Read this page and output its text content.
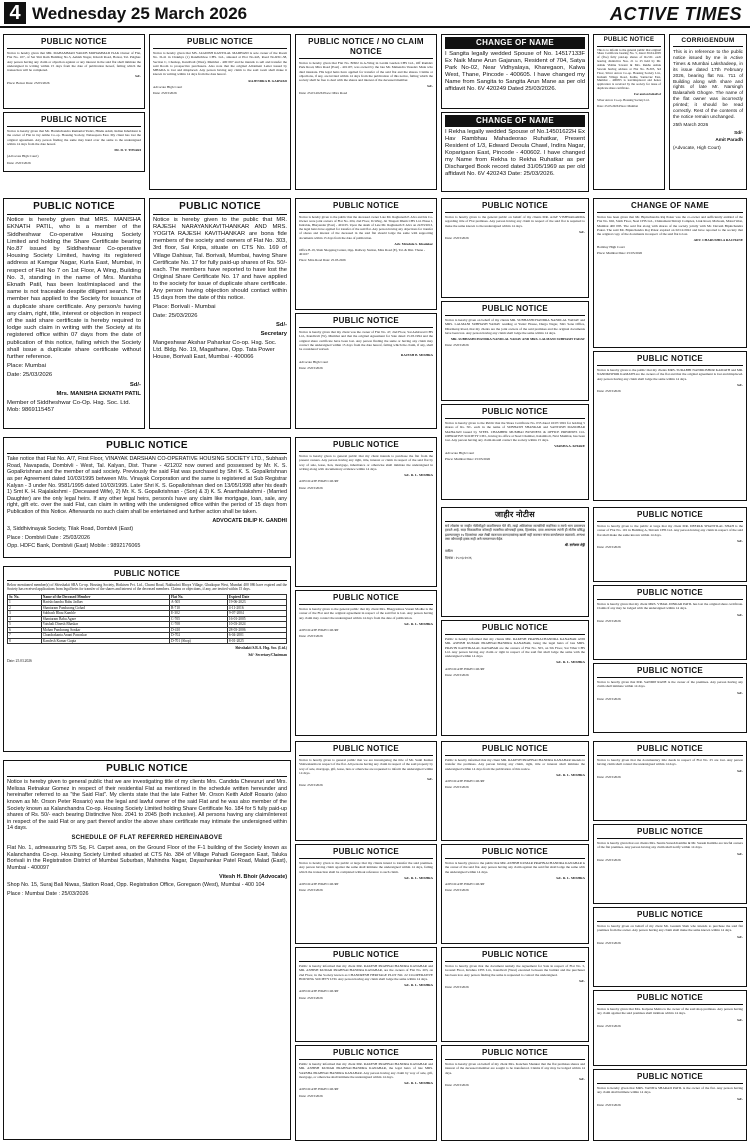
4 Wednesday 25 March 2026	ACTIVE TIMES
PUBLIC NOTICE
Notice is hereby given that MR. MAHAMMAD YAKUB MOHAMMAD ISAK Owner of Flat, Flat No. 107, of Sai Shri Ram Building No.5, Ashish Nagar, Khardi Road, Boisar, Tal. Palghar. Any person having any claim or objection against or any interest in the said flat shall intimate the undersigned in writing within 15 days from the date of publication hereof, failing which the transaction will be completed.
Sd/-
Place: Boisar Date: 25/03/2026
PUBLIC NOTICE
Notice is hereby given that Mr. Harishchandra Ramanlal Yadav, Hindu Adult, Indian Inhabitant is the owner of Flat in Jay Ambe Co-op. Housing Society, Nalasopara East. My client has lost the original agreement. Any person finding the same may hand over the same to the undersigned within 14 days from the date hereof.
Mr. D. V. TIWARI
(Advocate High Court)
Date: 25/03/2026
PUBLIC NOTICE
Notice is hereby given that MS. JAGDISH KANTILAL MADHANI is sole owner of the Room No. D-41 in Chakhya (1) Randhchhoo CHS. Ltd., situated at Plot No.443, Road No.RSC-38, Section C, Charkop, Kandivali (West), Mumbai - 400 067 and he intends to sell and transfer the said Room to prospective purchasers. Also note that the original Allotment Letter issued by MHADA is lost and misplaced. Any person having any claim to the said room shall make it known in writing within 14 days from the date hereof.
RAJENDRA B. GARWAD
Advocate High Court
Date: 25/03/2026
PUBLIC NOTICE / NO CLAIM NOTICE
Notice is hereby given that Flat No. B/602 in A-Wing in Laxmi Garden CHS Ltd., Off Ramdev Park Road, Mira Road (East) - 401107, was owned by the late Mr. Mahendra Vasudev Mule who died intestate. His legal heirs have applied for transfer of the said flat and the shares. Claims or objections, if any, are invited within 14 days from the publication of this notice, failing which the society shall be free to deal with the shares and interest of the deceased member.
Sd/-
Date: 25.03.2026 Place: Mira Road
CHANGE OF NAME
I Sangita legally wedded Spouse of No. 14517133F Ex Naik Mane Arun Gajanan, Resident of 704, Satya Park No-02, Near Vidhyalaya, Kharegaon, Kalwa West, Thane, Pincode - 400605. I have changed my Name from Sangita to Sangita Arun Mane as per old affidavit No. 6V 420249 Dated 25/03/2026.
CHANGE OF NAME
I Rekha legally wedded Spouse of No.14501622H Ex Hav Rambhau Mahadeorao Ruhatkar, Present Resident of 1/3, Edward Deoula Chawl, Indira Nagar, Koparigaon East, Pincode - 400602. I have changed my Name from Rekha to Rekha Ruhatkar as per Discharged Book record dated 31/05/1969 as per old affidavit No. 6V 420243 Date: 25/03/2026.
PUBLIC NOTICE
This is to inform to the general public that original Share Certificate bearing No. 5, dated 30-04-2005 of (five) fully paid-up shares of Rs.50/- each bearing distinctive Nos. 21 to 25 held by Mr. Ashok Vishnu Sawant & Mrs. Rekha Ashok Sawant having address at Flat No. B-305, 3rd Floor, Silver Arrow Co-op. Housing Society Ltd., Kulsum Village Road, Kolhe, Santacruz East, Mumbai - 400055 is lost/misplaced and hence application is received by the society for issue of duplicate share certificate.
For and on behalf of
Silver Arrow Co-op. Housing Society Ltd.
Date: 25.03.2026 Place: Mumbai
CORRIGENDUM
This is in reference to the public notice issued by me in Active Times & Mumbai Lakshadeep, in its issue dated 17th February 2026, bearing flat No. 711 of Building along with share and rights of late Mr. Narsingh Balasaheb Ghogre. The name of the flat owner was incorrectly printed; it should be read correctly. Rest of the contents of the notice remain unchanged.
25th March 2026
Sd/-
Amit Paradh
(Advocate, High Court)
PUBLIC NOTICE
Notice is hereby given that MRS. MANISHA EKNATH PATIL, who is a member of the Siddheshwar Co-operative Housing Society Limited and holding the Share Certificate bearing No.87 issued by Siddheshwar Co-operative Housing Society Limited, having its registered address at Kamgar Nagar, Kurla East, Mumbai, in respect of Flat No 7 on 1st Floor, A Wing, Building No. 3, standing in the name of Mrs. Manisha Eknath Patil, has been lost/misplaced and the same is not traceable despite diligent search. The member has applied to the Society for issuance of a duplicate share certificate. Any person/s having any claim, right, title, interest or objection in respect of the said share certificate is hereby required to lodge such claim in writing with the Society at its registered office within 07 days from the date of publication of this notice, failing which the Society shall issue a duplicate share certificate without further reference.
Place: Mumbai
Date: 25/03/2026
Sd/-
Mrs. MANISHA EKNATH PATIL
Member of Siddheshwar Co-Op. Hsg. Soc. Ltd. Mob: 9869115457
PUBLIC NOTICE
Notice is hereby given to the public that MR. RAJESH NARAYANKAVITHANKAR AND MRS. YOGITA RAJESH KAVITHANKAR are bona fide members of the society and owners of Flat No. 303, 3rd floor, Sai Kripa, situate on CTS No. 169 of Village Dahisar, Tal. Borivali, Mumbai, having Share Certificate No. 17 for fully paid-up shares of Rs. 50/- each. The members have reported to have lost the Original Share Certificate No. 17 and have applied to the society for issue of duplicate share certificate. Any person having objection should contact within 15 days from the date of this notice.
Place: Borivali - Mumbai
Date: 25/03/2026
Sd/-
Secretary
Mangeshwar Akshar Paharkar Co-op. Hsg. Soc. Ltd. Bldg. No. 19, Magathane, Opp. Tata Power House, Borivali East, Mumbai - 400066
PUBLIC NOTICE
Notice is hereby given to the public that the deceased owner Late Mr. Raghunath P. Alva and his Co-Owner were joint owners of Flat No. 204, 2nd Floor, D-Wing, Jai Tirupati Dham CHS Ltd. Phase I, Indralok, Bhayandar (East) - 401105. Upon the death of Late Mr. Raghunath P. Alva on 22/03/2013, the legal heirs have applied for transfer of the said flat. Any person having any objections for transfer of shares and interest of the deceased in the said flat should lodge the same with supporting documents within 15 days from the date of publication.
Adv. Mrudula S. Khadekar
Office B-19, Shah Shopping Center, Opp. Railway Station, Mira Road (E), Tal. & Dist. Thane - 401107
Place: Mira Road Date: 25.03.2026
PUBLIC NOTICE
Notice is hereby given that my client was the owner of Flat No. 47, 2nd Floor, Sai Ashirwad CHS Ltd., Kandivali (W), Mumbai and that the original Agreement for Sale dated 15.03.1994 and the original share certificate have been lost. Any person finding the same or having any claim may contact the undersigned within 15 days from the date hereof, failing which the claim, if any, shall be considered waived.
RAJESH B. MISHRA
Advocate High Court
Date: 25/03/2026
PUBLIC NOTICE
Notice is hereby given to the general public on behalf of my clients MR. AJAY VISHWAKARMA regarding title of Flat premises. Any person having any claim in respect of the said flat is required to make the same known to the undersigned within 14 days.
Sd/-
Date: 25/03/2026
PUBLIC NOTICE
Notice is hereby given on behalf of my clients MR. SUBHASHCHANDRA NANDLAL YADAV and MRS. LALMANI SUBHASH YADAV residing at Yadav House, Durga Nagar, Shiv Sena Office, Dharmaraj Road, that my clients are the joint owners of the said premises and the original documents have been lost. Any person having any claim shall lodge the same within 14 days.
MR. SUBHASHCHANDRA NANDLAL YADAV AND MRS. LALMANI SUBHASH YADAV
Date: 25/03/2026
PUBLIC NOTICE
Notice is hereby given to the Public that the Share Certificate No. 035 dated 16/07/1991 for holding 5 shares of Rs. 50/- each in the name of SUBHASH SHANKAR and SANTOSH MANOHAR MAHAJAN issued by STEEL CHAMBER MUMBAI BUSINESS & OFFICE PREMISES CO-OPERATIVE SOCIETY LTD., having its office at Steel Chamber, Kalamboli, Navi Mumbai, has been lost. Any person having any claim should contact the society within 15 days.
VARSHA A. KHARE
Advocate High Court
Place: Mumbai Date: 25/03/2026
CHANGE OF NAME
Notice has been given that Mr. Bipinchandra Raj Pokar was the co-owner and sufficiently entitled of the Flat No. 602, Sixth Floor, Neel CHS Ltd., Chintamani Shivaji Complex, Link Road, Malwani, Malad West, Mumbai 400 095. The said flat along with shares of the society jointly with Mr. Devesh Bipinchandra Pokar. The said Mr. Bipinchandra Raj Pokar expired on 02/12/2022 and have reported to the society that the original copy of the documents in respect of the said flat is lost.
ADV. CHARUSHILA RACHANE
Bombay High Court
Place: Mumbai Date: 25/03/2026
PUBLIC NOTICE
Notice is hereby given to the public that my clients MRS. SURABHI NANDKISHOR KAMATH and MR. NANDKISHOR KAMATH are the owners of the flat and that the original agreement is lost and misplaced. Any person having any claim shall lodge the same within 14 days.
Sd/-
Date: 25/03/2026
PUBLIC NOTICE
Take notice that Flat No. A/7, First Floor, VINAYAK DARSHAN CO-OPERATIVE HOUSING SOCIETY LTD., Subhash Road, Navapada, Dombivli - West, Tal. Kalyan, Dist. Thane - 421202 now owned and possessed by Mr. K. S. Gopalkrishnan and the member of said society. Previously the said Flat was purchased by Shri K. S. Gopalkrishnan as per Agreement dated 10/03/1995 between M/s. Vinayak Corporation and the same is registered at Sub Registrar Kalyan - 3 under No. 9581/1995 dated 10/03/1995. Later Shri K. S. Gopalkrishnan died on 13/05/1998 after his death 1) Smt K. H. Rajalakshmi - (Deceased Wife), 2) Mr. K. S. Gopalkrishnan - (Son) & 3) K. S. Ananthalakshmi - (Married Daughter) are the only legal heirs. If any other legal heirs, person/s have any claim like mortgage, loan, sale, any right, gift etc. over the said Flat, can claim in writing with the undersigned office within the period of 15 days from Publication of this Notice. Afterwards no such claim shall be entertained and further action shall be taken.
ADVOCATE DILIP K. GANDHI
3, Siddhivinayak Society, Tilak Road, Dombivli (East)
Place : Dombivli Date : 25/03/2026
Opp. HDFC Bank, Dombivli (East) Mobile : 9892176065
PUBLIC NOTICE
Notice is hereby given to general public that my client intends to purchase the flat from the present owners. Any person having any right, title, interest or claim in respect of the said flat by way of sale, lease, lien, mortgage, inheritance or otherwise shall intimate the undersigned in writing along with documentary evidence within 14 days.
Sd/- R. L. MISHRA
ADVOCATE HIGH COURT
Date: 25/03/2026
PUBLIC NOTICE
Notice is hereby given to the general public that my client Mrs. Bhagyashree Vasant Modhe is the owner of the Flat and the original agreement in respect of the said flat is lost. Any person having any claim may contact the undersigned within 14 days from the date of publication.
Sd/- R. L. MISHRA
ADVOCATE HIGH COURT
Date: 25/03/2026
जाहीर नोटीस
सर्व लोकांस या जाहीर नोटीसीद्वारे कळविण्यात येते की, माझे अशिलांच्या मालकीची सदनिका व त्याचे भाग प्रमाणपत्र हरवले आहे. सदर मिळकतीवर कोणाही व्यक्तीचा कोणताही हक्क, हितसंबंध, दावा असल्यास त्यांनी ही नोटीस प्रसिद्ध झाल्यापासून १४ दिवसांच्या आत लेखी स्वरूपात कागदपत्रांसह खाली सही करणार यांच्या कार्यालयात कळवावे. अन्यथा तसा कोणताही हक्क नाही असे समजण्यात येईल.
श्री. ज्ञानेश्वर शेट्टी
वकील
दिनांक : २५/०३/२०२६
PUBLIC NOTICE
Public is hereby informed that my clients MR. RAKESH PRAHNACHANDRA KANABAR AND MR. ASHISH KUMAR PRAHNACHANDRA KANABAR, being the legal heirs of late MRS. PRAVIN KANTIKALAL KANABAR are the owners of Flat No. 503, on 5th Floor, Sai Vihar CHS Ltd. Any person having any claim or right in respect of the said flat shall lodge the same with the undersigned within 14 days.
Sd/- R. L. MISHRA
ADVOCATE HIGH COURT
Date: 25/03/2026
PUBLIC NOTICE
Notice is hereby given to the public at large that my client MR. DEEPAK SHANTILAL SHAH is the owner of Flat No. 101 in Building A, Shivam CHS Ltd. Any person having any claim in respect of the said flat shall make the same known within 14 days.
Sd/-
Date: 25/03/2026
PUBLIC NOTICE
Notice is hereby given that my client MRS. VIMAL DINKAR PATIL has lost the original share certificate. Claims if any may be lodged with the undersigned within 14 days.
Sd/-
Date: 25/03/2026
PUBLIC NOTICE
Notice is hereby given that MR. SANDIP RANE is the owner of the premises. Any person having any claim shall intimate within 14 days.
Sd/-
Date: 25/03/2026
PUBLIC NOTICE
Below mentioned member(s) of Shivshakti SRA Co-op. Housing Society, Hotkisen Pvt. Ltd., Churni Road, Nakhudoti Bhoya Village, Ghatkopar West, Mumbai 400 086 have expired and the Society has received applications from legal heirs for transfer of the shares and interest of the deceased members. Claims or objections, if any, are invited within 15 days.
Sr. No.	Name of the Deceased Member	Flat No.	Expired Date
1	Harishchandra Babu Jadhav	A-505	19-06-2023
2	Shantaram Pandurang Gohad	B-710	4-11-2016
3	Subhash Bhau Kamble	E-302	9-07-2004
4	Shantaram Babu Agare	C-705	16-01-2005
5	Vaishali Dinesh Bhaskar	C-708	10-03-2024
6	Mohan Pandurang Sonkar	D-410	28-03-2006
7	Chandrakanta Anant Pawaskar	D-702	6-04-2001
8	Kamlesh Kumar Gupta	D-701 (Shop)	8-01-2025
Shivshakti S.R.A. Hsg. Soc. (Ltd.)
Sd/- Secretary/Chairman
Date: 25.03.2026
PUBLIC NOTICE
Notice is hereby given to general public that we are investigating title of my clients Mrs. Candida Chevururi and Mrs. Melissa Retnakar Gomez in respect of their residential Flat as mentioned in the schedule written hereunder and hereinafter referred to as "the Said Flat". My clients state that the late Father Mr. Orson Keith Adolf Rosario (also known as Mr. Orson Peter Rosario) was the legal and lawful owner of the said Flat and he was also member of the Society known as Kalanchandra Co-op. Housing Society Limited holding Share Certificate No. 184 for 5 fully paid-up shares of Rs. 50/- each bearing Distinctive Nos. 2041 to 2045 (both inclusive). All persons having any claim/interest in respect of the said Flat or any part thereof and/or the above share certificate may intimate the undersigned within 14 days.
SCHEDULE OF FLAT REFERRED HEREINABOVE
Flat No. 1, admeasuring 575 Sq. Ft. Carpet area, on the Ground Floor of the F-1 building of the Society known as Kalanchandra Co-op. Housing Society Limited situated at CTS No. 384 of Village Pahadi Goregaon East, Taluka Borivali in the Registration District of Mumbai Suburban, Mahindra Nagar, Dayashankar Patel Road, Malad (East), Mumbai - 400097
Vitesh H. Bhoir (Advocate)
Shop No. 15, Suraj Bali Niwas, Station Road, Opp. Registration Office, Goregaon (West), Mumbai - 400 104
Place : Mumbai Date : 25/03/2026
PUBLIC NOTICE
Notice is hereby given to general public that we are investigating the title of Mr. Sunil Kumar Vishwakarma in respect of the flat. All persons having any claim in respect of the said property by way of sale, mortgage, gift, lease, lien or otherwise are requested to inform the undersigned within 14 days.
Sd/-
Date: 25/03/2026
PUBLIC NOTICE
Notice is hereby given to the public at large that my clients intend to transfer the said premises. Any person having claim against the same shall intimate the undersigned within 14 days, failing which the transaction shall be completed without reference to such claim.
Sd/- R. L. MISHRA
ADVOCATE HIGH COURT
Date: 25/03/2026
PUBLIC NOTICE
Public is hereby informed that my client MR. RAKESH PRAHNACHANDRA KANABAR and MR. ASHISH KUMAR PRAHNACHANDRA KANABAR, are the owners of Flat No. 203, on 2nd Floor, in the Society known as CHANDRESH HERITAGE PLOT NO. 22 CO-OPERATIVE HOUSING SOCIETY LTD. Any person having any claim shall lodge the same within 14 days.
Sd/- R. L. MISHRA
ADVOCATE HIGH COURT
Date: 25/03/2026
PUBLIC NOTICE
Public is hereby informed that my client MR. RAKESH PRAHNACHANDRA KANABAR and MR. ASHISH KUMAR PRAHNACHANDRA KANABAR, the legal heirs of late MRS. VARSHA PRAHNACHANDRA KANABAR. Any person having any claim by way of sale, gift, mortgage, or otherwise shall intimate the undersigned within 14 days.
Sd/- R. L. MISHRA
ADVOCATE HIGH COURT
Date: 25/03/2026
PUBLIC NOTICE
Public is hereby informed that my client MR. RAKESH PRAHNACHANDRA KANABAR intends to transfer the premises. Any person having any claim, right, title or interest shall intimate the undersigned within 14 days from the publication of this notice.
Sd/- R. L. MISHRA
ADVOCATE HIGH COURT
Date: 25/03/2026
PUBLIC NOTICE
Notice is hereby given to the public that MR. ASHISH KUMAR PRAHNACHANDRA KANABAR is the owner of the said flat. Any person having any claim against the said flat shall lodge the same with the undersigned within 14 days.
Sd/- R. L. MISHRA
ADVOCATE HIGH COURT
Date: 25/03/2026
PUBLIC NOTICE
Notice is hereby given that the document namely the Agreement for Sale in respect of Flat No. 5, Ground Floor, Krishna CHS Ltd., Kandivali (West) executed between the builder and the purchaser has been lost. Any person finding the same is requested to contact the undersigned.
Sd/-
Date: 25/03/2026
PUBLIC NOTICE
Notice is hereby given on behalf of my client Mrs. Kanchan Shankar that the flat premises shares and interest of the deceased member are sought to be transferred. Claims if any may be lodged within 14 days.
Sd/-
Date: 25/03/2026
PUBLIC NOTICE
Notice is hereby given that the documentary title deeds in respect of Flat No. 25 are lost. Any person having claim shall contact the undersigned within 14 days.
Sd/-
Date: 25/03/2026
PUBLIC NOTICE
Notice is hereby given that our clients Mrs. Sunita Suresh Kamble & Mr. Suresh Kamble are lawful owners of the flat premises. Any person having any claim shall notify within 14 days.
Sd/-
Date: 25/03/2026
PUBLIC NOTICE
Notice is hereby given on behalf of my client Mr. Gautam Shah who intends to purchase the said flat premises from the owner. Any person having any claim shall make the same known within 14 days.
Sd/-
Date: 25/03/2026
PUBLIC NOTICE
Notice is hereby given that Mrs. Kalpana Mehta is the owner of the said shop premises. Any person having any claim against the said premises shall intimate within 14 days.
Sd/-
Date: 25/03/2026
PUBLIC NOTICE
Notice is hereby given that MRS. VANITA SHARAD PATIL is the owner of the flat. Any person having any claim shall intimate within 14 days.
Sd/-
Date: 25/03/2026
